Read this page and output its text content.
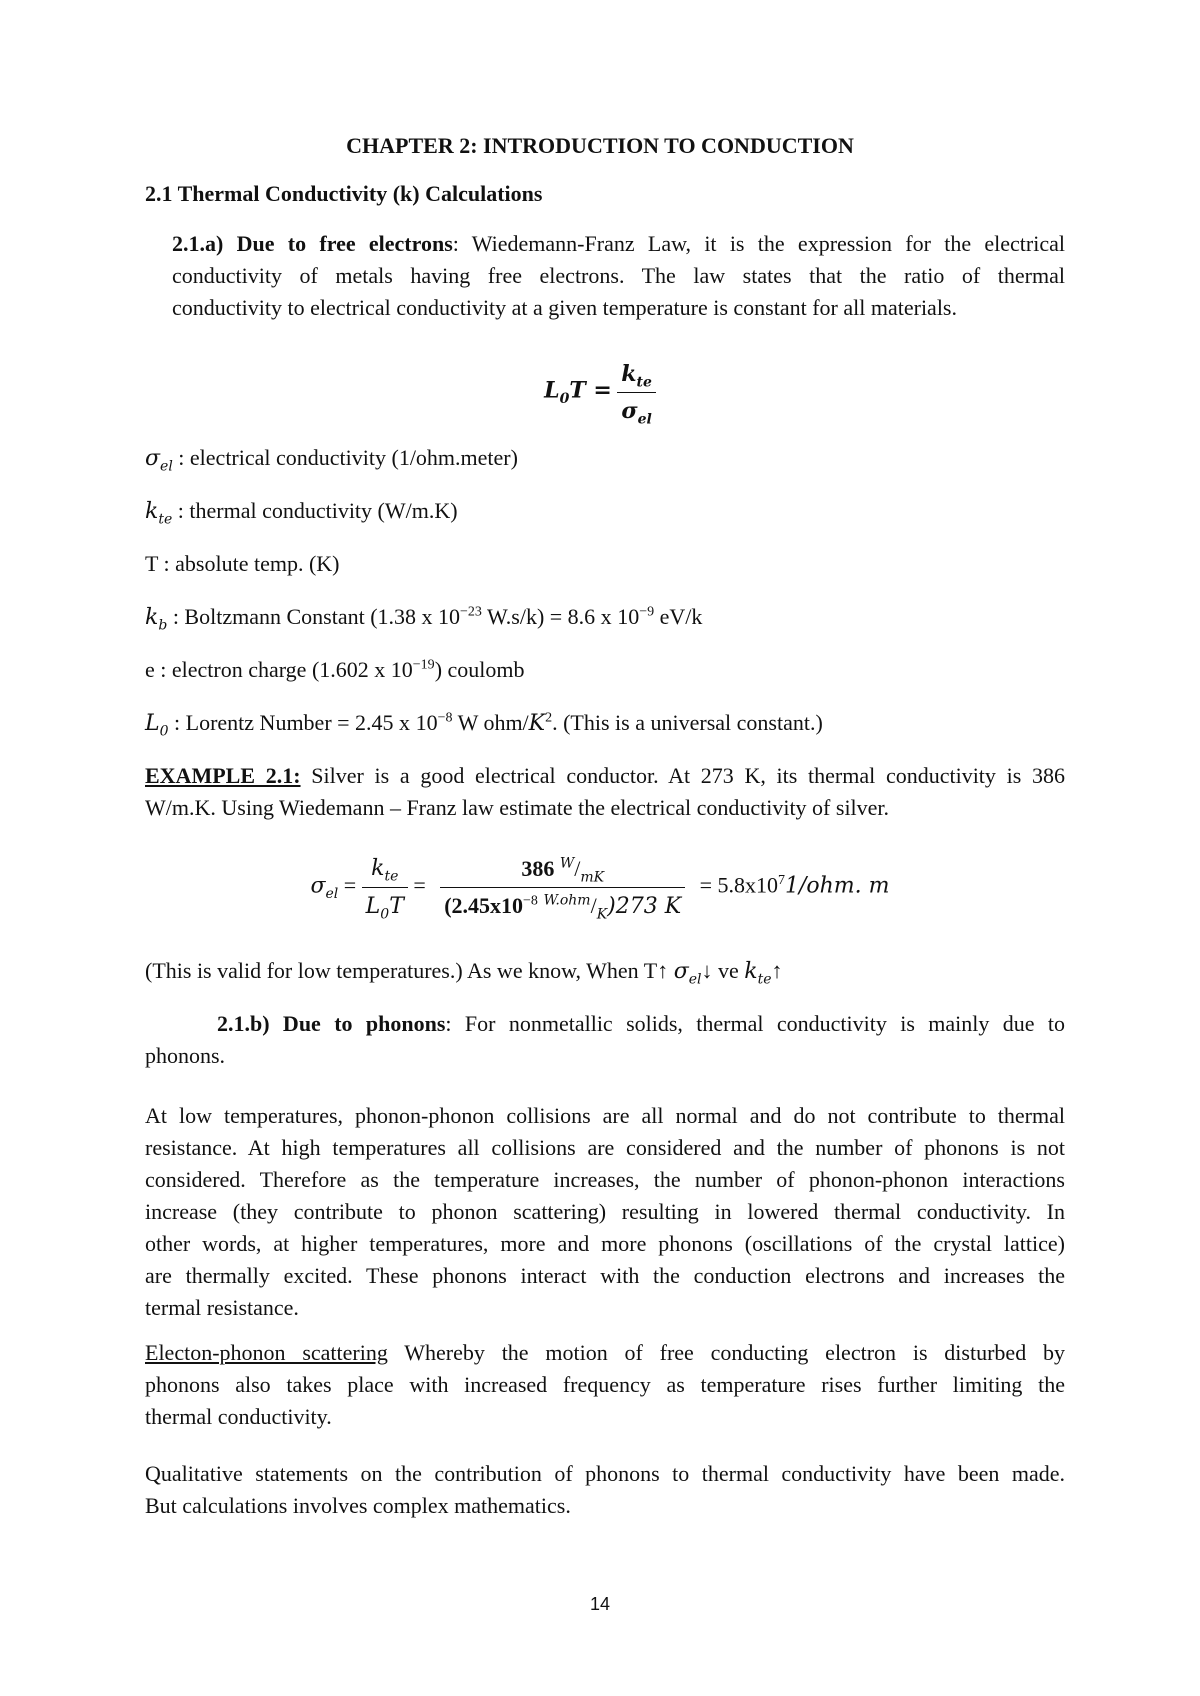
CHAPTER 2: INTRODUCTION TO CONDUCTION
2.1 Thermal Conductivity (k) Calculations
2.1.a) Due to free electrons: Wiedemann-Franz Law, it is the expression for the electrical
conductivity of metals having free electrons. The law states that the ratio of thermal
conductivity to electrical conductivity at a given temperature is constant for all materials.
$L_0T = \frac{k_{te}}{\sigma_{el}}$
$\sigma_{el}$ : electrical conductivity (1/ohm.meter)
$k_{te}$ : thermal conductivity (W/m.K)
T : absolute temp. (K)
$k_b$ : Boltzmann Constant (1.38 x $10^{-23}$ W.s/k) = 8.6 x $10^{-9}$ eV/k
e : electron charge (1.602 x $10^{-19}$) coulomb
$L_0$ : Lorentz Number = 2.45 x $10^{-8}$ W ohm/$K^2$. (This is a universal constant.)
EXAMPLE 2.1: Silver is a good electrical conductor. At 273 K, its thermal conductivity is 386
W/m.K. Using Wiedemann – Franz law estimate the electrical conductivity of silver.
$\sigma_{el} = \frac{k_{te}}{L_0T} = \frac{386 ^W/_{mK}}{(2.45x10^{-8} ^{W.ohm}/_K)273 K} = 5.8x10^71/ohm$. m
(This is valid for low temperatures.) As we know, When T↑ $\sigma_{el}↓$ ve $k_{te}↑$
2.1.b) Due to phonons: For nonmetallic solids, thermal conductivity is mainly due to
phonons.
At low temperatures, phonon-phonon collisions are all normal and do not contribute to thermal
resistance. At high temperatures all collisions are considered and the number of phonons is not
considered. Therefore as the temperature increases, the number of phonon-phonon interactions
increase (they contribute to phonon scattering) resulting in lowered thermal conductivity. In
other words, at higher temperatures, more and more phonons (oscillations of the crystal lattice)
are thermally excited. These phonons interact with the conduction electrons and increases the
termal resistance.
Electon-phonon scattering Whereby the motion of free conducting electron is disturbed by
phonons also takes place with increased frequency as temperature rises further limiting the
thermal conductivity.
Qualitative statements on the contribution of phonons to thermal conductivity have been made.
But calculations involves complex mathematics.
14
